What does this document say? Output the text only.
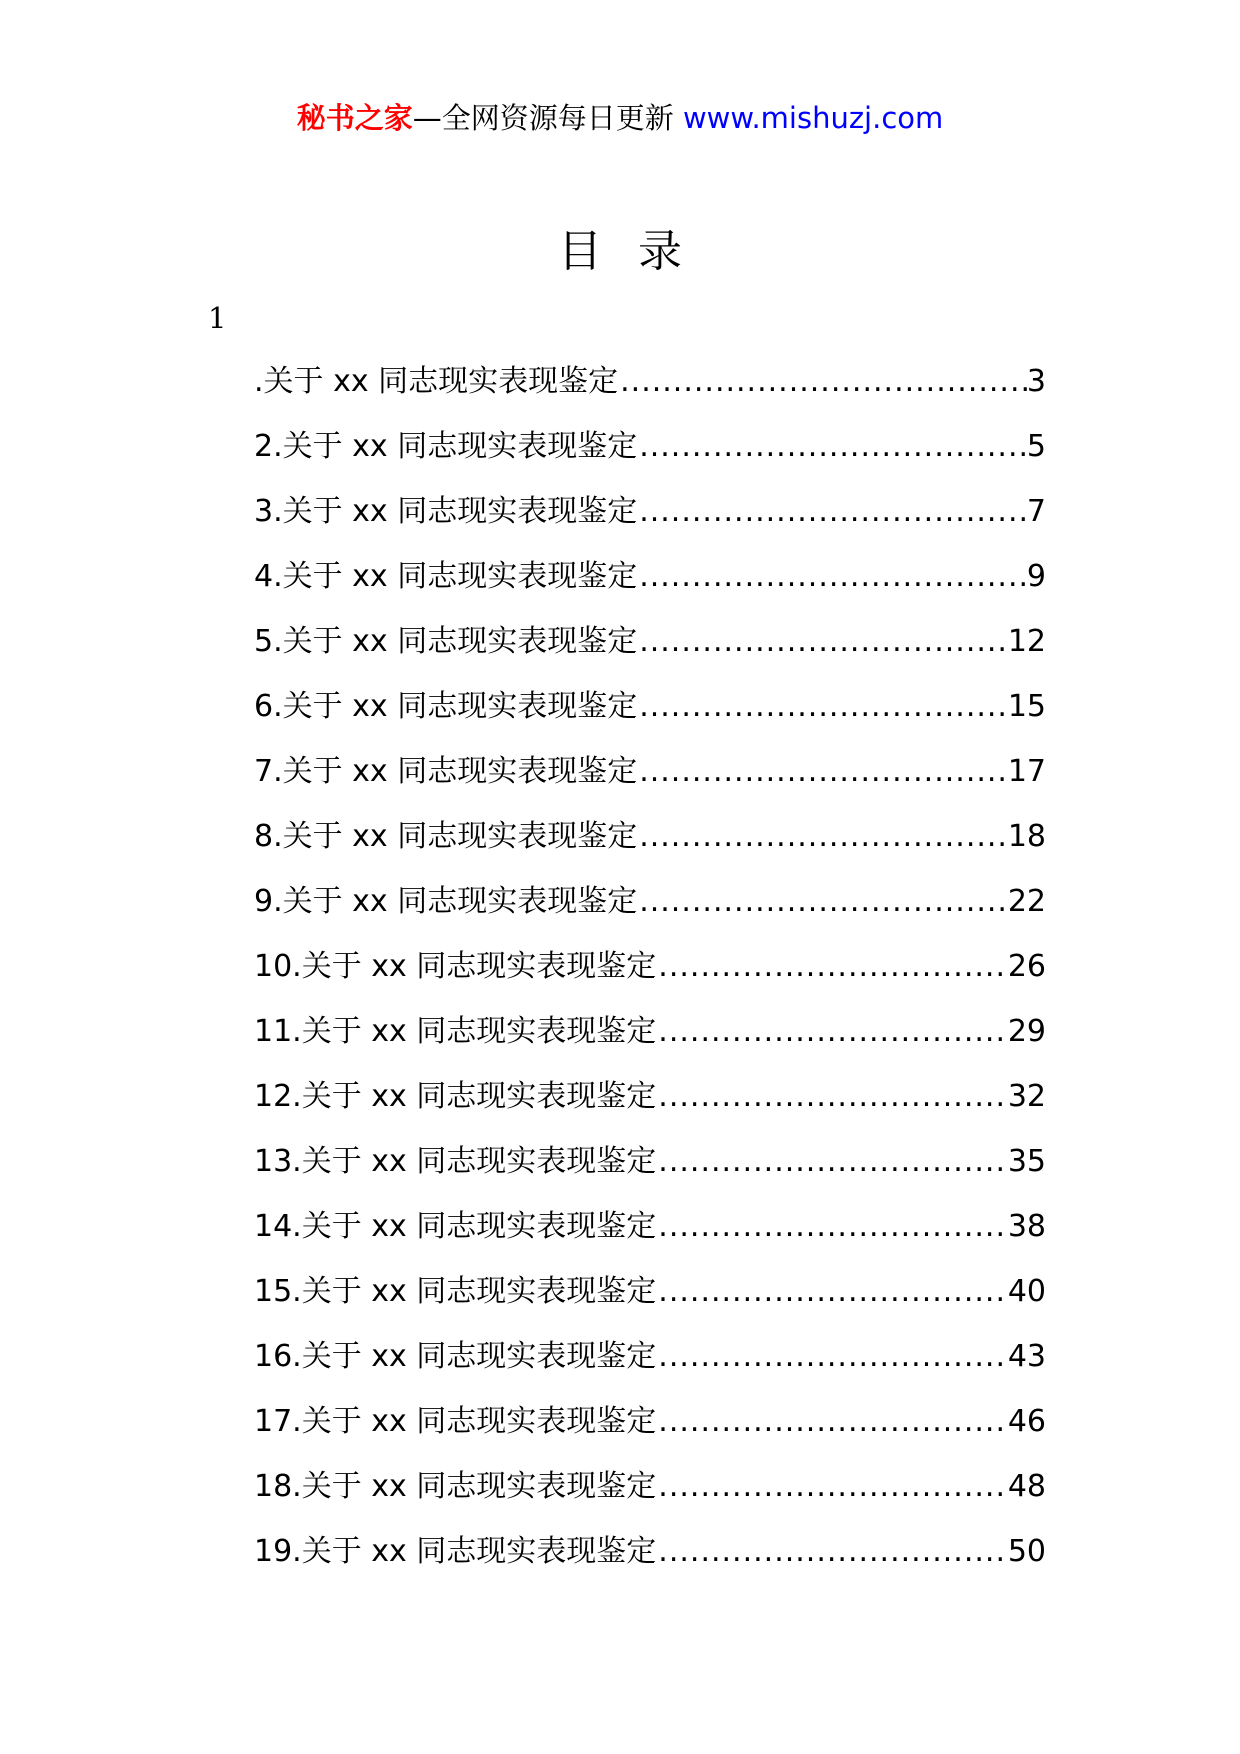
秘书之家—全网资源每日更新 www.mishuzj.com
目 录
1
.关于 xx 同志现实表现鉴定 .....	3
2.关于 xx 同志现实表现鉴定 .....	5
3.关于 xx 同志现实表现鉴定 .....	7
4.关于 xx 同志现实表现鉴定 .....	9
5.关于 xx 同志现实表现鉴定 .....	12
6.关于 xx 同志现实表现鉴定 .....	15
7.关于 xx 同志现实表现鉴定 .....	17
8.关于 xx 同志现实表现鉴定 .....	18
9.关于 xx 同志现实表现鉴定 .....	22
10.关于 xx 同志现实表现鉴定 .....	26
11.关于 xx 同志现实表现鉴定 .....	29
12.关于 xx 同志现实表现鉴定 .....	32
13.关于 xx 同志现实表现鉴定 .....	35
14.关于 xx 同志现实表现鉴定 .....	38
15.关于 xx 同志现实表现鉴定 .....	40
16.关于 xx 同志现实表现鉴定 .....	43
17.关于 xx 同志现实表现鉴定 .....	46
18.关于 xx 同志现实表现鉴定 .....	48
19.关于 xx 同志现实表现鉴定 .....	50
